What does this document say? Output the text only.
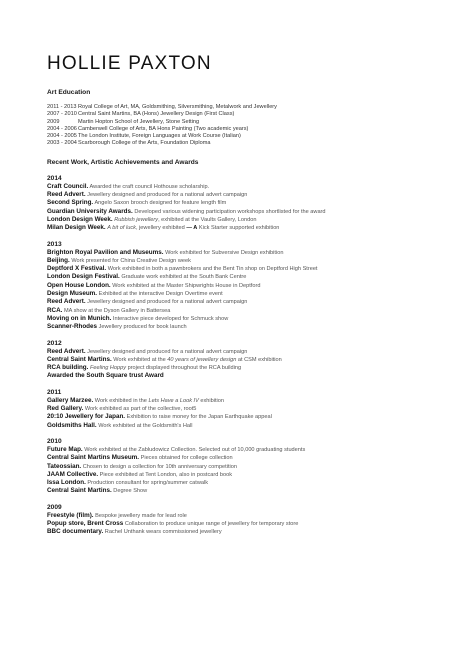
HOLLIE PAXTON
Art Education
2011 - 2013 Royal College of Art, MA, Goldsmithing, Silversmithing, Metalwork and Jewellery
2007 - 2010 Central Saint Martins, BA (Hons) Jewellery Design (First Class)
2009	Martin Hopton School of Jewellery, Stone Setting
2004 - 2006 Camberwell College of Arts, BA Hons Painting (Two academic years)
2004 - 2005 The London Institute, Foreign Languages at Work Course (Italian)
2003 - 2004 Scarborough College of the Arts, Foundation Diploma
Recent Work, Artistic Achievements and Awards
2014
Craft Council. Awarded the craft council Hothouse scholarship.
Reed Advert. Jewellery designed and produced for a national advert campaign
Second Spring. Angelo Saxon brooch designed for feature length film
Guardian University Awards. Developed various widening participation workshops shortlisted for the award
London Design Week. Rubbish jewellery, exhibited at the Vaults Gallery, London
Milan Design Week. A bit of luck, jewellery exhibited — A Kick Starter supported exhibition
2013
Brighton Royal Pavilion and Museums. Work exhibited for Subversive Design exhibition
Beijing. Work presented for China Creative Design week
Deptford X Festival. Work exhibited in both a pawnbrokers and the Bent Tin shop on Deptford High Street
London Design Festival. Graduate work exhibited at the South Bank Centre
Open House London. Work exhibited at the Master Shipwrights House in Deptford
Design Museum. Exhibited at the interactive Design Overtime event
Reed Advert. Jewellery designed and produced for a national advert campaign
RCA. MA show at the Dyson Gallery in Battersea
Moving on in Munich. Interactive piece developed for Schmuck show
Scanner-Rhodes Jewellery produced for book launch
2012
Reed Advert. Jewellery designed and produced for a national advert campaign
Central Saint Martins. Work exhibited at the 40 years of jewellery design at CSM exhibition
RCA building. Feeling Hoppy project displayed throughout the RCA building
Awarded the South Square trust Award
2011
Gallery Marzee. Work exhibited in the Lets Have a Look IV exhibition
Red Gallery. Work exhibited as part of the collective, root5
20:10 Jewellery for Japan. Exhibition to raise money for the Japan Earthquake appeal
Goldsmiths Hall. Work exhibited at the Goldsmith's Hall
2010
Future Map. Work exhibited at the Zabludowicz Collection. Selected out of 10,000 graduating students
Central Saint Martins Museum. Pieces obtained for college collection
Tateossian. Chosen to design a collection for 10th anniversary competition
JAAM Collective. Piece exhibited at Tent London, also in postcard book
Issa London. Production consultant for spring/summer catwalk
Central Saint Martins. Degree Show
2009
Freestyle (film). Bespoke jewellery made for lead role
Popup store, Brent Cross Collaboration to produce unique range of jewellery for temporary store
BBC documentary. Rachel Unthank wears commissioned jewellery
